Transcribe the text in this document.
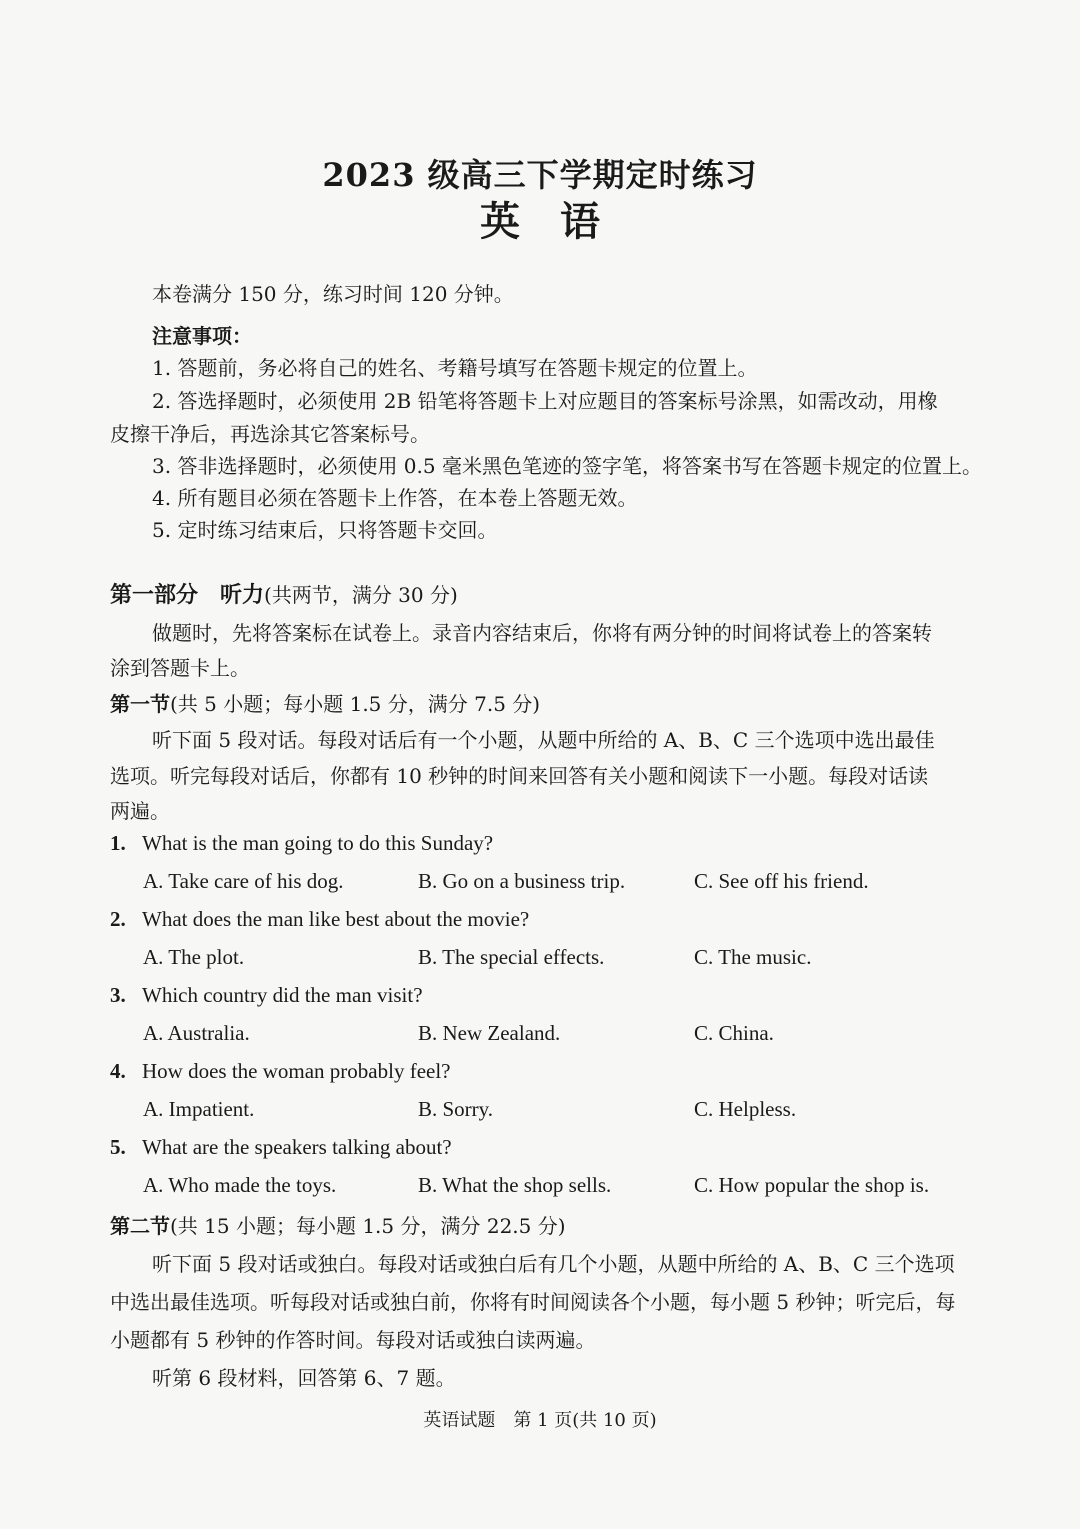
2023 级高三下学期定时练习
英语
本卷满分 150 分，练习时间 120 分钟。
注意事项：
1. 答题前，务必将自己的姓名、考籍号填写在答题卡规定的位置上。
2. 答选择题时，必须使用 2B 铅笔将答题卡上对应题目的答案标号涂黑，如需改动，用橡
皮擦干净后，再选涂其它答案标号。
3. 答非选择题时，必须使用 0.5 毫米黑色笔迹的签字笔，将答案书写在答题卡规定的位置上。
4. 所有题目必须在答题卡上作答，在本卷上答题无效。
5. 定时练习结束后，只将答题卡交回。
第一部分　听力(共两节，满分 30 分)
做题时，先将答案标在试卷上。录音内容结束后，你将有两分钟的时间将试卷上的答案转
涂到答题卡上。
第一节(共 5 小题；每小题 1.5 分，满分 7.5 分)
听下面 5 段对话。每段对话后有一个小题，从题中所给的 A、B、C 三个选项中选出最佳
选项。听完每段对话后，你都有 10 秒钟的时间来回答有关小题和阅读下一小题。每段对话读
两遍。
1. What is the man going to do this Sunday?
A. Take care of his dog.	B. Go on a business trip.	C. See off his friend.
2. What does the man like best about the movie?
A. The plot.	B. The special effects.	C. The music.
3. Which country did the man visit?
A. Australia.	B. New Zealand.	C. China.
4. How does the woman probably feel?
A. Impatient.	B. Sorry.	C. Helpless.
5. What are the speakers talking about?
A. Who made the toys.	B. What the shop sells.	C. How popular the shop is.
第二节(共 15 小题；每小题 1.5 分，满分 22.5 分)
听下面 5 段对话或独白。每段对话或独白后有几个小题，从题中所给的 A、B、C 三个选项
中选出最佳选项。听每段对话或独白前，你将有时间阅读各个小题，每小题 5 秒钟；听完后，每
小题都有 5 秒钟的作答时间。每段对话或独白读两遍。
听第 6 段材料，回答第 6、7 题。
英语试题　第 1 页(共 10 页)
